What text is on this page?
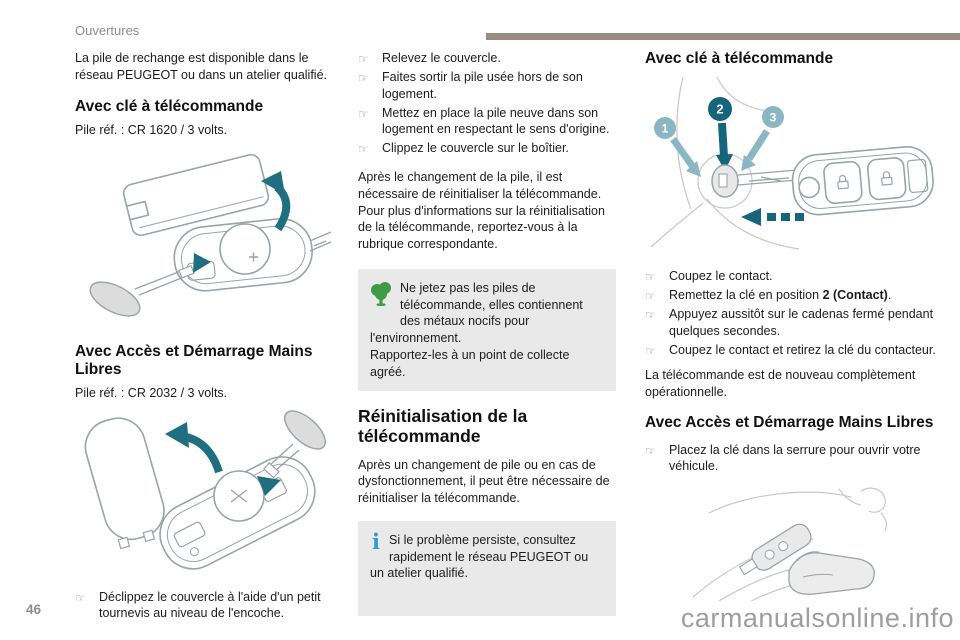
Ouvertures

La pile de rechange est disponible dans le réseau PEUGEOT ou dans un atelier qualifié.

Avec clé à télécommande

Pile réf. : CR 1620 / 3 volts.

Avec Accès et Démarrage Mains Libres

Pile réf. : CR 2032 / 3 volts.

☞	Déclippez le couvercle à l'aide d'un petit tournevis au niveau de l'encoche.
☞	Relevez le couvercle.
☞	Faites sortir la pile usée hors de son logement.
☞	Mettez en place la pile neuve dans son logement en respectant le sens d'origine.
☞	Clippez le couvercle sur le boîtier.

Après le changement de la pile, il est nécessaire de réinitialiser la télécommande. Pour plus d'informations sur la réinitialisation de la télécommande, reportez-vous à la rubrique correspondante.

Ne jetez pas les piles de télécommande, elles contiennent des métaux nocifs pour l'environnement.
Rapportez-les à un point de collecte agréé.
Réinitialisation de la télécommande

Après un changement de pile ou en cas de dysfonctionnement, il peut être nécessaire de réinitialiser la télécommande.

i Si le problème persiste, consultez rapidement le réseau PEUGEOT ou un atelier qualifié.
Avec clé à télécommande
1
2
3
☞	Coupez le contact.
☞	Remettez la clé en position 2 (Contact).
☞	Appuyez aussitôt sur le cadenas fermé pendant quelques secondes.
☞	Coupez le contact et retirez la clé du contacteur.

La télécommande est de nouveau complètement opérationnelle.

Avec Accès et Démarrage Mains Libres
☞	Placez la clé dans la serrure pour ouvrir votre véhicule.
46	carmanualsonline.info
